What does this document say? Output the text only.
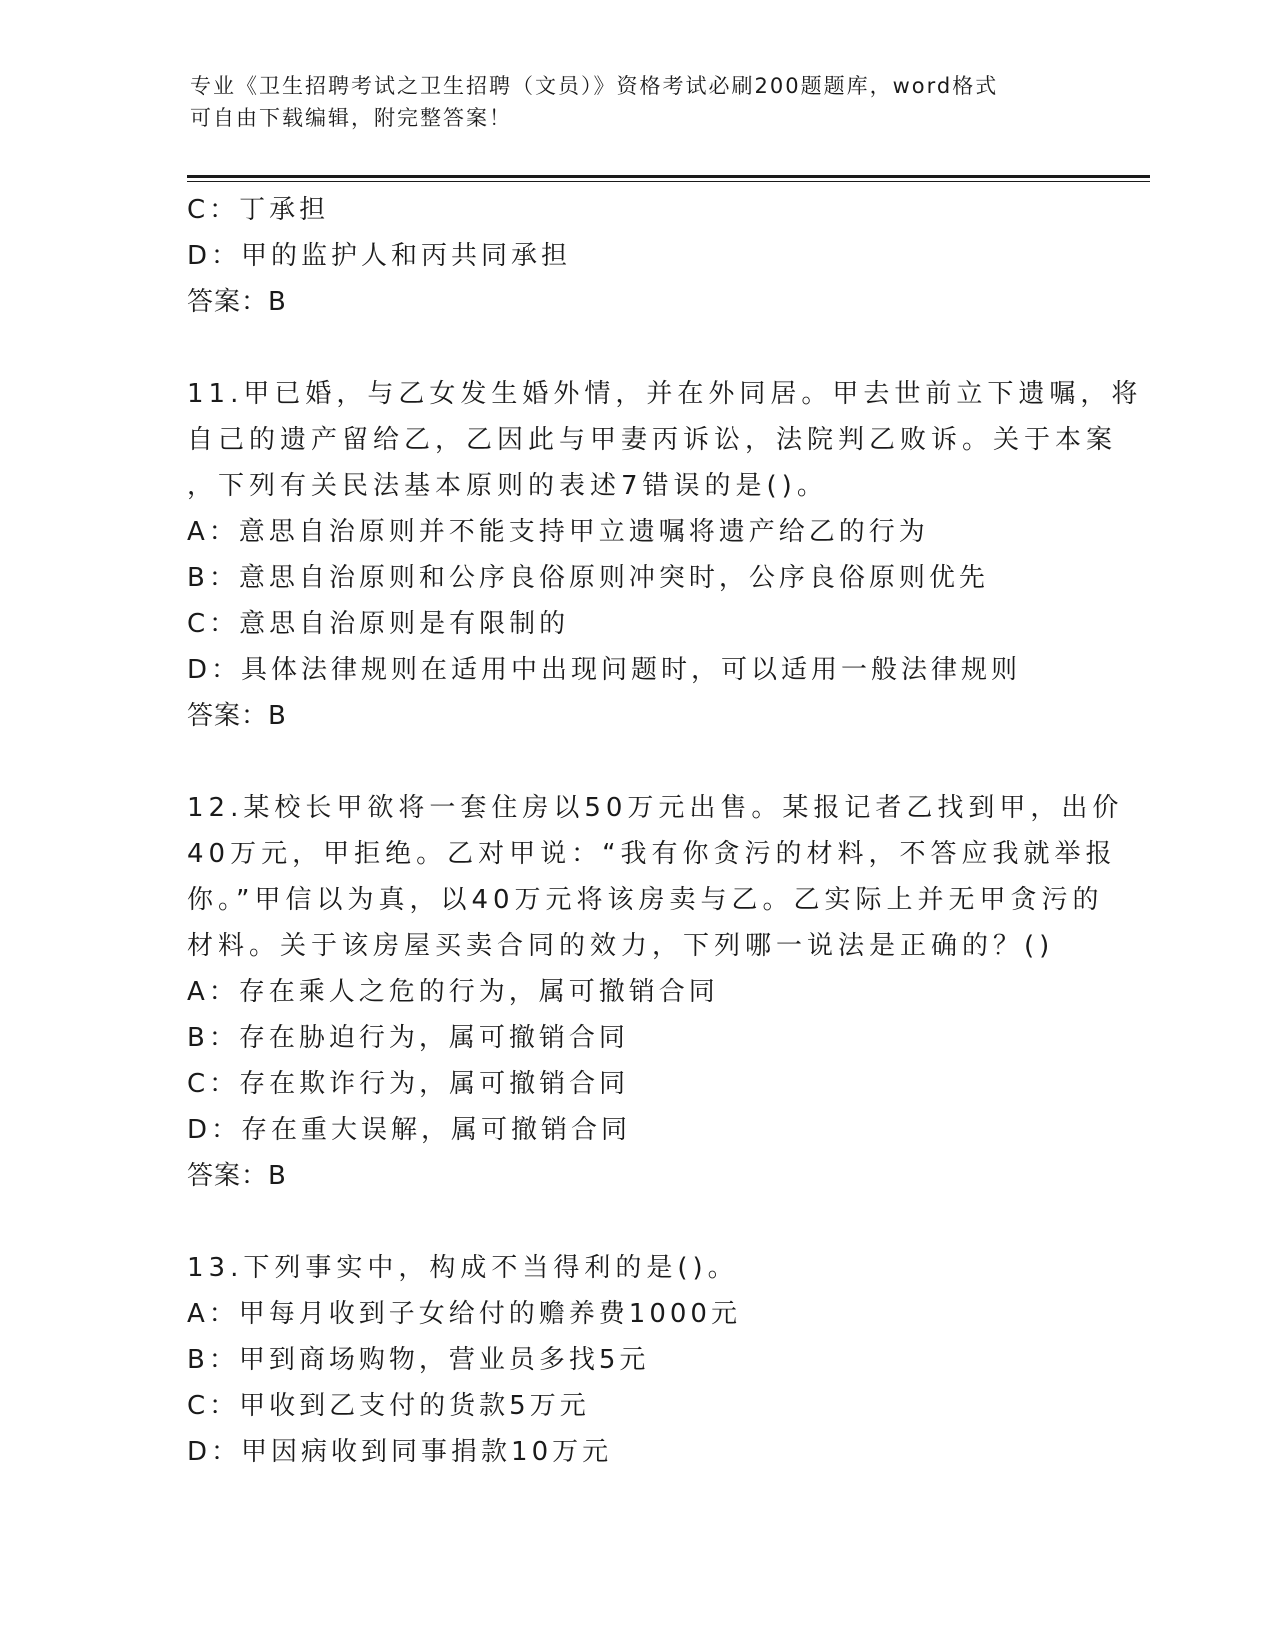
专业《卫生招聘考试之卫生招聘（文员）》资格考试必刷200题题库，word格式
可自由下载编辑，附完整答案！
C：丁承担
D：甲的监护人和丙共同承担
答案：B
11.甲已婚，与乙女发生婚外情，并在外同居。甲去世前立下遗嘱，将
自己的遗产留给乙，乙因此与甲妻丙诉讼，法院判乙败诉。关于本案
，下列有关民法基本原则的表述7错误的是()。
A：意思自治原则并不能支持甲立遗嘱将遗产给乙的行为
B：意思自治原则和公序良俗原则冲突时，公序良俗原则优先
C：意思自治原则是有限制的
D：具体法律规则在适用中出现问题时，可以适用一般法律规则
答案：B
12.某校长甲欲将一套住房以50万元出售。某报记者乙找到甲，出价
40万元，甲拒绝。乙对甲说：“我有你贪污的材料，不答应我就举报
你。”甲信以为真，以40万元将该房卖与乙。乙实际上并无甲贪污的
材料。关于该房屋买卖合同的效力，下列哪一说法是正确的？()
A：存在乘人之危的行为，属可撤销合同
B：存在胁迫行为，属可撤销合同
C：存在欺诈行为，属可撤销合同
D：存在重大误解，属可撤销合同
答案：B
13.下列事实中，构成不当得利的是()。
A：甲每月收到子女给付的赡养费1000元
B：甲到商场购物，营业员多找5元
C：甲收到乙支付的货款5万元
D：甲因病收到同事捐款10万元
